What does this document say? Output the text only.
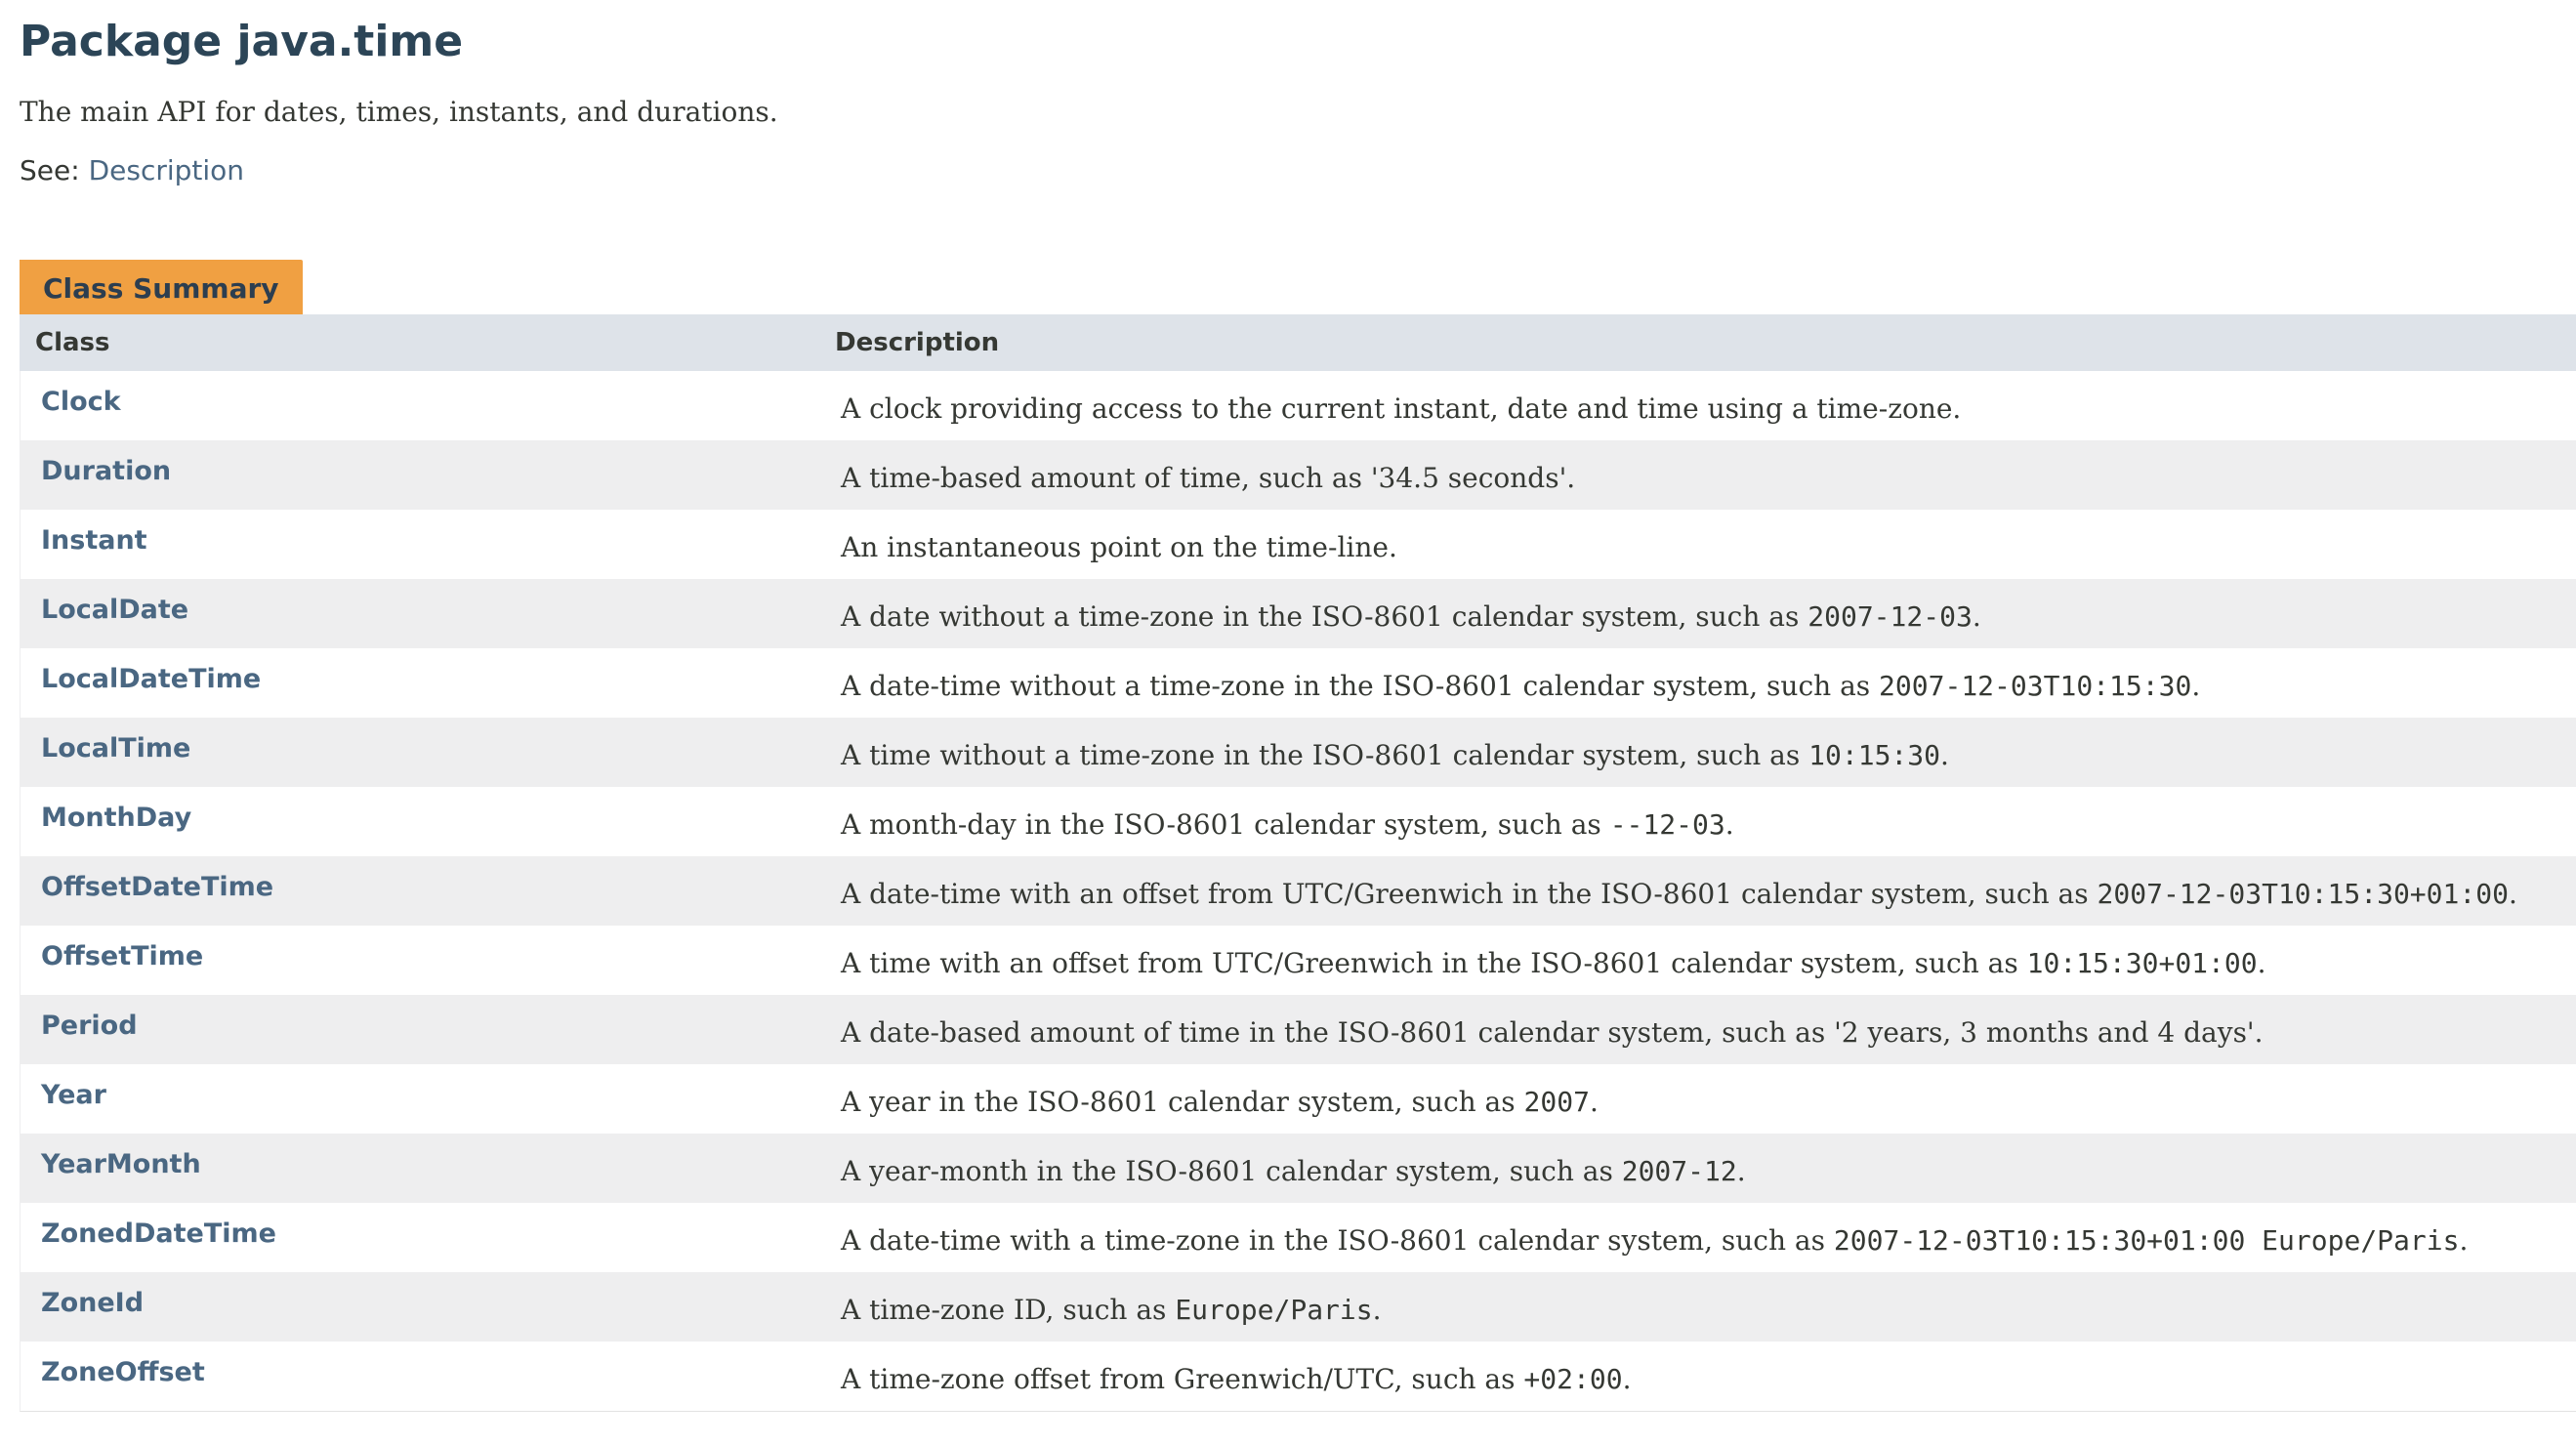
Package java.time

The main API for dates, times, instants, and durations.

See: Description

Class Summary
Class	Description
Clock	A clock providing access to the current instant, date and time using a time-zone.
Duration	A time-based amount of time, such as '34.5 seconds'.
Instant	An instantaneous point on the time-line.
LocalDate	A date without a time-zone in the ISO-8601 calendar system, such as 2007-12-03.
LocalDateTime	A date-time without a time-zone in the ISO-8601 calendar system, such as 2007-12-03T10:15:30.
LocalTime	A time without a time-zone in the ISO-8601 calendar system, such as 10:15:30.
MonthDay	A month-day in the ISO-8601 calendar system, such as --12-03.
OffsetDateTime	A date-time with an offset from UTC/Greenwich in the ISO-8601 calendar system, such as 2007-12-03T10:15:30+01:00.
OffsetTime	A time with an offset from UTC/Greenwich in the ISO-8601 calendar system, such as 10:15:30+01:00.
Period	A date-based amount of time in the ISO-8601 calendar system, such as '2 years, 3 months and 4 days'.
Year	A year in the ISO-8601 calendar system, such as 2007.
YearMonth	A year-month in the ISO-8601 calendar system, such as 2007-12.
ZonedDateTime	A date-time with a time-zone in the ISO-8601 calendar system, such as 2007-12-03T10:15:30+01:00 Europe/Paris.
ZoneId	A time-zone ID, such as Europe/Paris.
ZoneOffset	A time-zone offset from Greenwich/UTC, such as +02:00.
